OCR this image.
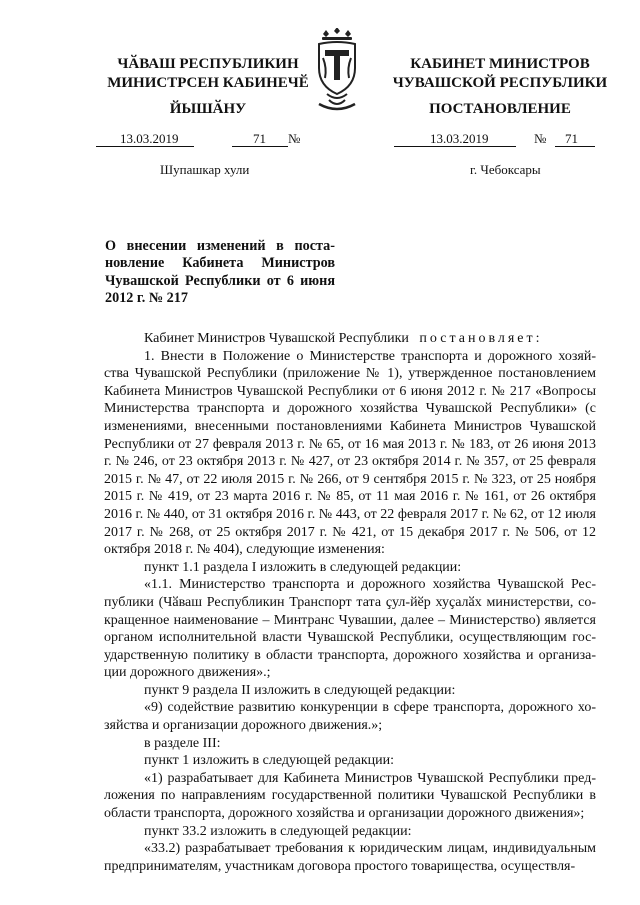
ЧӐВАШ РЕСПУБЛИКИН
МИНИСТРСЕН КАБИНЕЧӖ
ЙЫШӐНУ
13.03.2019	71 №
Шупашкар хули
КАБИНЕТ МИНИСТРОВ
ЧУВАШСКОЙ РЕСПУБЛИКИ
ПОСТАНОВЛЕНИЕ
13.03.2019	№ 71
г. Чебоксары
О внесении изменений в поста-
новление Кабинета Министров
Чувашской Республики от 6 июня
2012 г. № 217

Кабинет Министров Чувашской Республики постановляет:

1. Внести в Положение о Министерстве транспорта и дорожного хозяй-ства Чувашской Республики (приложение № 1), утвержденное постановлением Кабинета Министров Чувашской Республики от 6 июня 2012 г. № 217 «Вопросы Министерства транспорта и дорожного хозяйства Чувашской Республики» (с изменениями, внесенными постановлениями Кабинета Министров Чувашской Республики от 27 февраля 2013 г. № 65, от 16 мая 2013 г. № 183, от 26 июня 2013 г. № 246, от 23 октября 2013 г. № 427, от 23 октября 2014 г. № 357, от 25 февраля 2015 г. № 47, от 22 июля 2015 г. № 266, от 9 сентября 2015 г. № 323, от 25 ноября 2015 г. № 419, от 23 марта 2016 г. № 85, от 11 мая 2016 г. № 161, от 26 октября 2016 г. № 440, от 31 октября 2016 г. № 443, от 22 февраля 2017 г. № 62, от 12 июля 2017 г. № 268, от 25 октября 2017 г. № 421, от 15 декабря 2017 г. № 506, от 12 октября 2018 г. № 404), следующие изменения:

пункт 1.1 раздела I изложить в следующей редакции:

«1.1. Министерство транспорта и дорожного хозяйства Чувашской Рес-публики (Чӑваш Республикин Транспорт тата ҫул-йӗр хуҫалӑх министерстви, со-кращенное наименование – Минтранс Чувашии, далее – Министерство) является органом исполнительной власти Чувашской Республики, осуществляющим гос-ударственную политику в области транспорта, дорожного хозяйства и организа-ции дорожного движения».;

пункт 9 раздела II изложить в следующей редакции:

«9) содействие развитию конкуренции в сфере транспорта, дорожного хо-зяйства и организации дорожного движения.»;

в разделе III:

пункт 1 изложить в следующей редакции:

«1) разрабатывает для Кабинета Министров Чувашской Республики пред-ложения по направлениям государственной политики Чувашской Республики в области транспорта, дорожного хозяйства и организации дорожного движения»;

пункт 33.2 изложить в следующей редакции:

«33.2) разрабатывает требования к юридическим лицам, индивидуальным предпринимателям, участникам договора простого товарищества, осуществля-
